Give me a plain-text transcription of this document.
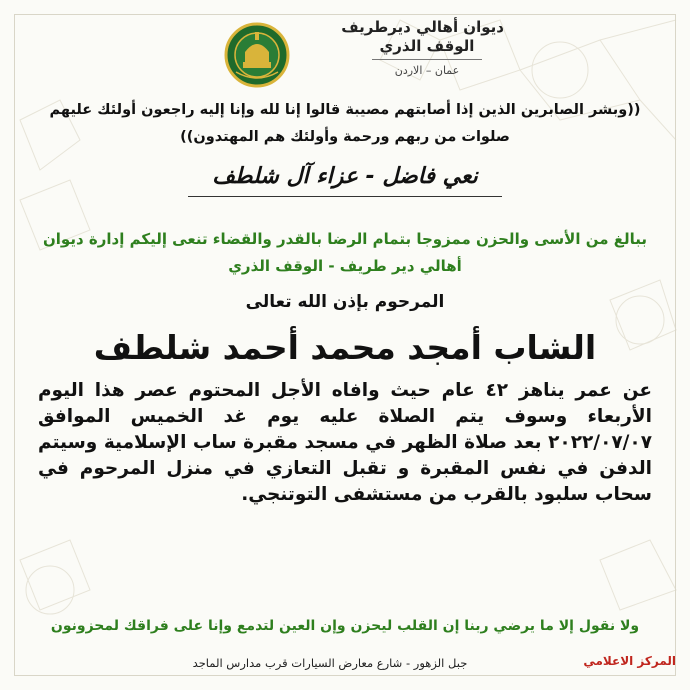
ديوان أهالي ديرطريف
الوقف الذري
عمان – الاردن
((وبشر الصابرين الذين إذا أصابتهم مصيبة قالوا إنا لله وإنا إليه راجعون أولئك عليهم صلوات من ربهم ورحمة وأولئك هم المهتدون))
نعي فاضل - عزاء آل شلطف
ببالغ من الأسى والحزن ممزوجا بتمام الرضا بالقدر والقضاء تنعى إليكم إدارة ديوان أهالي دير طريف - الوقف الذري
المرحوم بإذن الله تعالى
الشاب أمجد محمد أحمد شلطف
عن عمر يناهز ٤٢ عام حيث وافاه الأجل المحتوم عصر هذا اليوم الأربعاء وسوف يتم الصلاة عليه يوم غد الخميس الموافق ٢٠٢٢/٠٧/٠٧ بعد صلاة الظهر في مسجد مقبرة ساب الإسلامية وسيتم الدفن في نفس المقبرة و تقبل التعازي في منزل المرحوم في سحاب سلبود بالقرب من مستشفى التوتنجي.
ولا نقول إلا ما يرضي ربنا إن القلب ليحزن وإن العين لتدمع وإنا على فراقك لمحزونون
جبل الزهور - شارع معارض السيارات قرب مدارس الماجد	المركز الاعلامي
